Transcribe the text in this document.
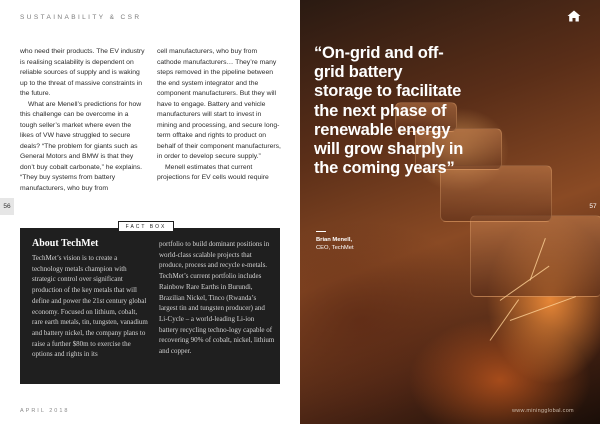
SUSTAINABILITY & CSR

who need their products. The EV industry is realising scalability is dependent on reliable sources of supply and is waking up to the threat of massive constraints in the future.

What are Menell’s predictions for how this challenge can be overcome in a tough seller’s market where even the likes of VW have struggled to secure deals? “The problem for giants such as General Motors and BMW is that they don’t buy cobalt carbonate,” he explains. “They buy systems from battery manufacturers, who buy from

cell manufacturers, who buy from cathode manufacturers… They’re many steps removed in the pipeline between the end system integrator and the component manufacturers. But they will have to engage. Battery and vehicle manufacturers will start to invest in mining and processing, and secure long-term offtake and rights to product on behalf of their component manufacturers, in order to develop secure supply.”

Menell estimates that current projections for EV cells would require

56
About TechMet
TechMet’s vision is to create a technology metals champion with strategic control over significant production of the key metals that will define and power the 21st century global economy. Focused on lithium, cobalt, rare earth metals, tin, tungsten, vanadium and battery nickel, the company plans to raise a further $80m to exercise the options and rights in its
portfolio to build dominant positions in world-class scalable projects that produce, process and recycle e-metals. TechMet’s current portfolio includes Rainbow Rare Earths in Burundi, Brazilian Nickel, Tinco (Rwanda’s largest tin and tungsten producer) and Li-Cycle – a world-leading Li-ion battery recycling techno-logy capable of recovering 90% of cobalt, nickel, lithium and copper.
FACT BOX
APRIL 2018
“On-grid and off-grid battery storage to facilitate the next phase of renewable energy will grow sharply in the coming years”
Brian Menell,
CEO, TechMet
57
www.miningglobal.com
